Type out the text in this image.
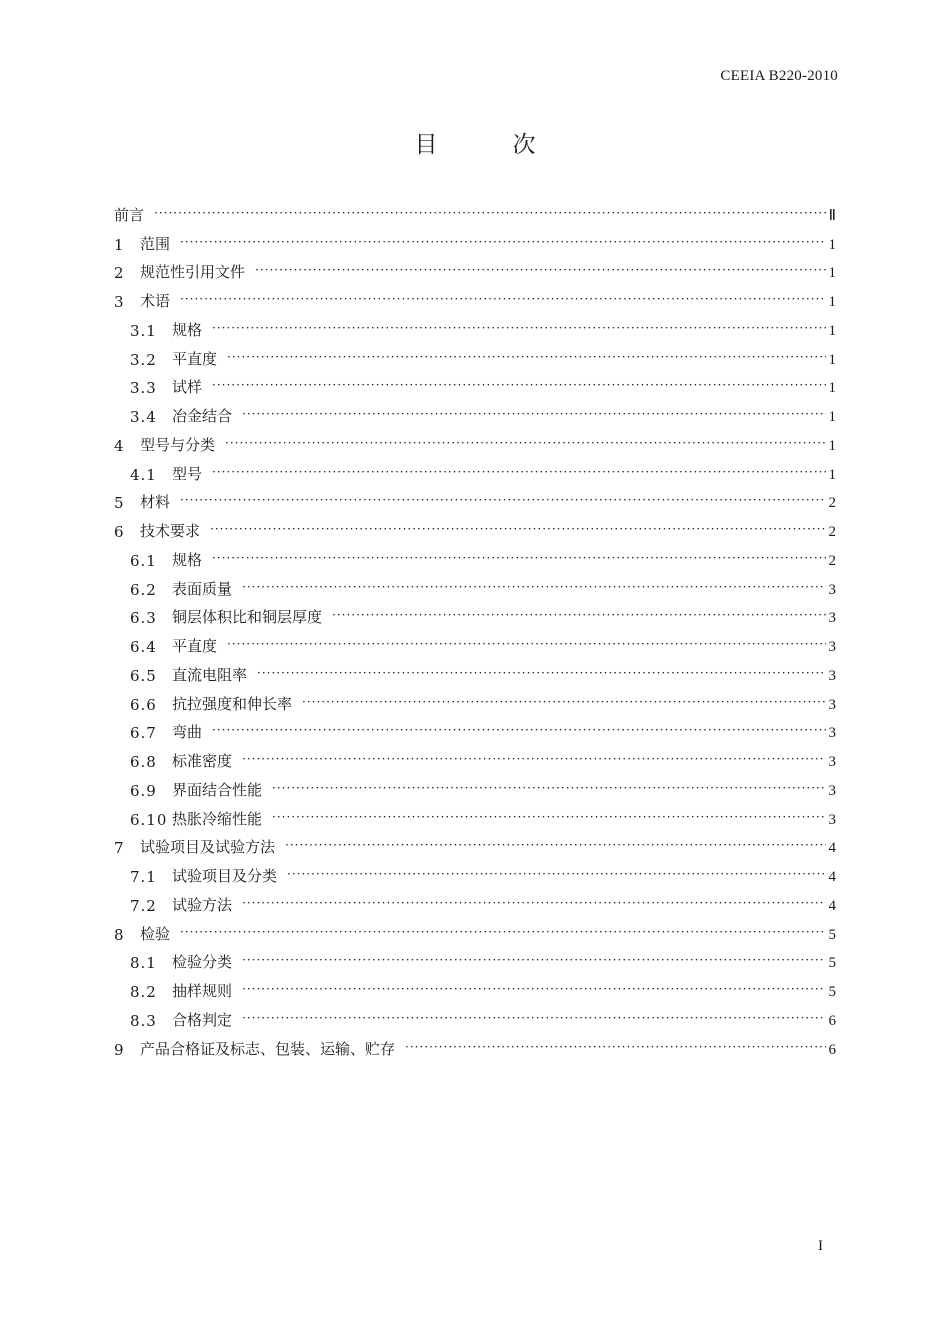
CEEIA B220-2010
目　次
前言 ·····	Ⅱ
1	范围 ·····	1
2	规范性引用文件 ·····	1
3	术语 ·····	1
3.1	规格 ·····	1
3.2	平直度 ·····	1
3.3	试样 ·····	1
3.4	冶金结合 ·····	1
4	型号与分类 ·····	1
4.1	型号 ·····	1
5	材料 ·····	2
6	技术要求 ·····	2
6.1	规格 ·····	2
6.2	表面质量 ·····	3
6.3	铜层体积比和铜层厚度 ·····	3
6.4	平直度 ·····	3
6.5	直流电阻率 ·····	3
6.6	抗拉强度和伸长率 ·····	3
6.7	弯曲 ·····	3
6.8	标准密度 ·····	3
6.9	界面结合性能 ·····	3
6.10 热胀冷缩性能 ·····	3
7	试验项目及试验方法 ·····	4
7.1	试验项目及分类 ·····	4
7.2	试验方法 ·····	4
8	检验 ·····	5
8.1	检验分类 ·····	5
8.2	抽样规则 ·····	5
8.3	合格判定 ·····	6
9	产品合格证及标志、包装、运输、贮存 ·····	6
I
